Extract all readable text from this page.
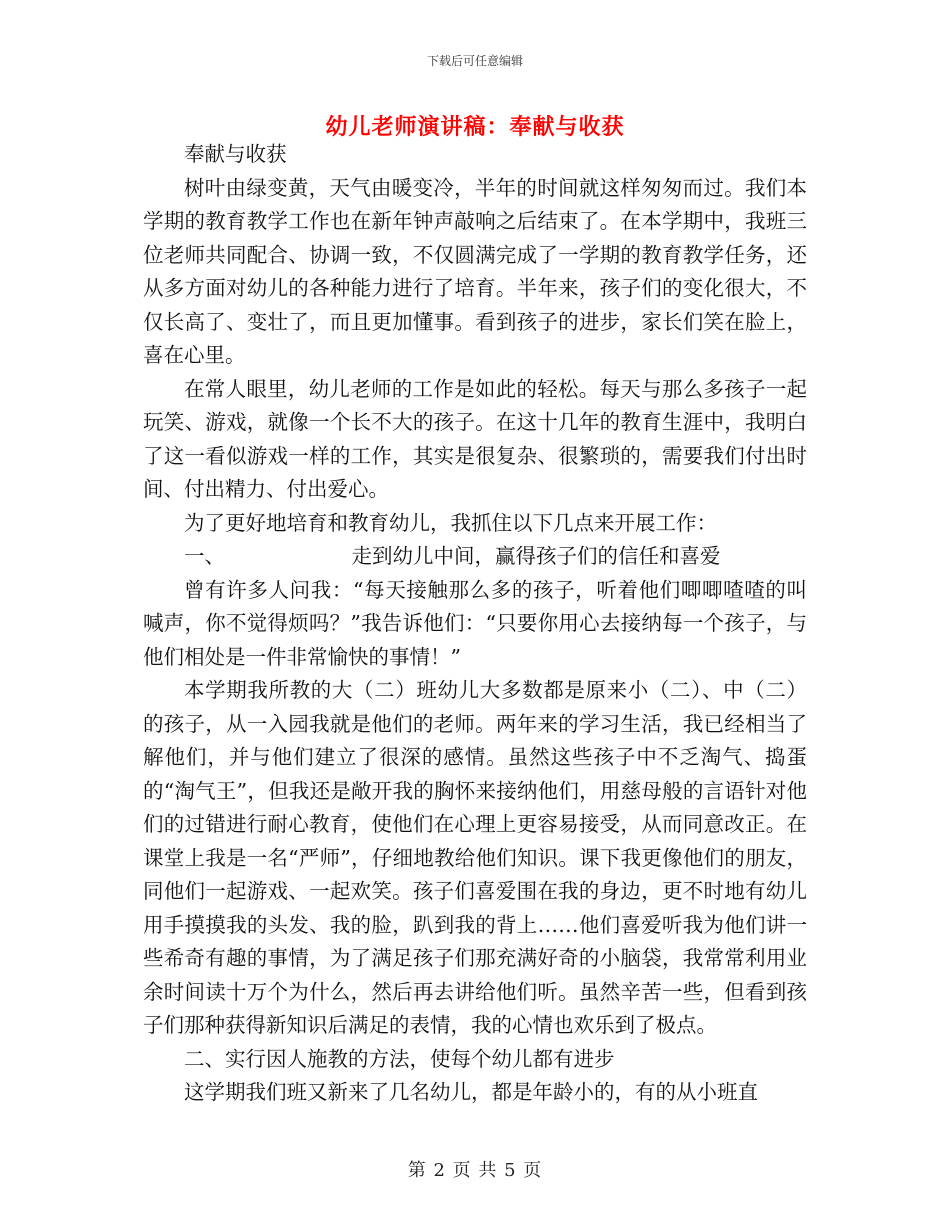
下载后可任意编辑
幼儿老师演讲稿：奉献与收获

奉献与收获

树叶由绿变黄，天气由暖变冷，半年的时间就这样匆匆而过。我们本学期的教育教学工作也在新年钟声敲响之后结束了。在本学期中，我班三位老师共同配合、协调一致，不仅圆满完成了一学期的教育教学任务，还从多方面对幼儿的各种能力进行了培育。半年来，孩子们的变化很大，不仅长高了、变壮了，而且更加懂事。看到孩子的进步，家长们笑在脸上，喜在心里。

在常人眼里，幼儿老师的工作是如此的轻松。每天与那么多孩子一起玩笑、游戏，就像一个长不大的孩子。在这十几年的教育生涯中，我明白了这一看似游戏一样的工作，其实是很复杂、很繁琐的，需要我们付出时间、付出精力、付出爱心。

为了更好地培育和教育幼儿，我抓住以下几点来开展工作：

一、			走到幼儿中间，赢得孩子们的信任和喜爱

曾有许多人问我：“每天接触那么多的孩子，听着他们唧唧喳喳的叫喊声，你不觉得烦吗？”我告诉他们：“只要你用心去接纳每一个孩子，与他们相处是一件非常愉快的事情！”

本学期我所教的大（二）班幼儿大多数都是原来小（二）、中（二）的孩子，从一入园我就是他们的老师。两年来的学习生活，我已经相当了解他们，并与他们建立了很深的感情。虽然这些孩子中不乏淘气、捣蛋的“淘气王”，但我还是敞开我的胸怀来接纳他们，用慈母般的言语针对他们的过错进行耐心教育，使他们在心理上更容易接受，从而同意改正。在课堂上我是一名“严师”，仔细地教给他们知识。课下我更像他们的朋友，同他们一起游戏、一起欢笑。孩子们喜爱围在我的身边，更不时地有幼儿用手摸摸我的头发、我的脸，趴到我的背上……他们喜爱听我为他们讲一些希奇有趣的事情，为了满足孩子们那充满好奇的小脑袋，我常常利用业余时间读十万个为什么，然后再去讲给他们听。虽然辛苦一些，但看到孩子们那种获得新知识后满足的表情，我的心情也欢乐到了极点。

二、实行因人施教的方法，使每个幼儿都有进步

这学期我们班又新来了几名幼儿，都是年龄小的，有的从小班直

第 2 页 共 5 页
